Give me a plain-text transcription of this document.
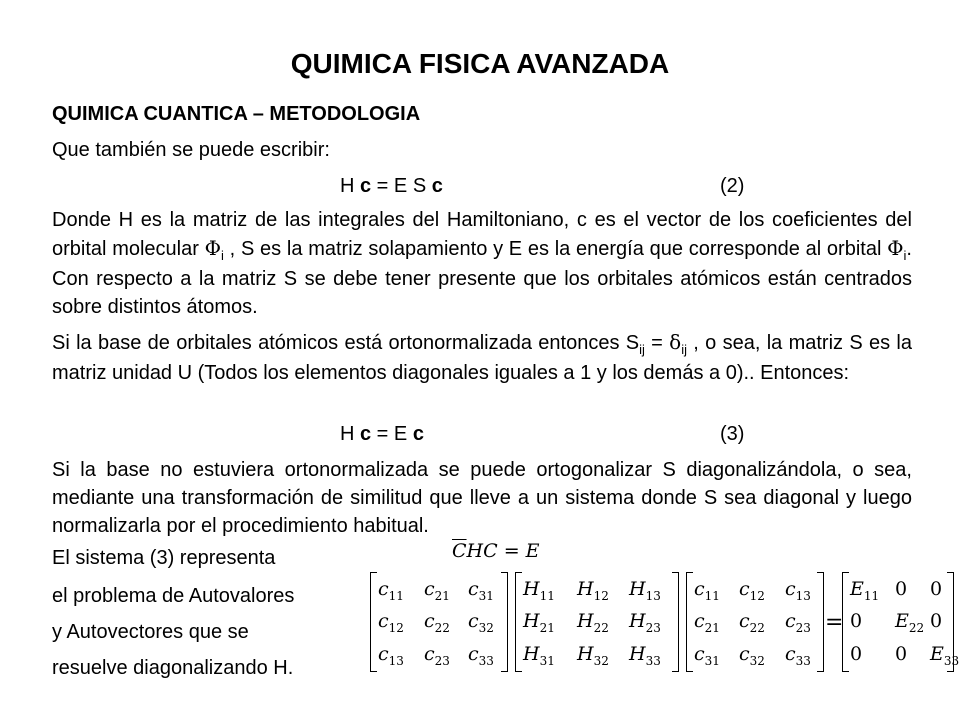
QUIMICA FISICA AVANZADA
QUIMICA CUANTICA – METODOLOGIA
Que también se puede escribir:
H c = E S c	(2)
Donde H es la matriz de las integrales del Hamiltoniano, c es el vector de los coeficientes del orbital molecular $\Phi_i$ , S es la matriz solapamiento y E es la energía que corresponde al orbital $\Phi_i$. Con respecto a la matriz S se debe tener presente que los orbitales atómicos están centrados sobre distintos átomos.
Si la base de orbitales atómicos está ortonormalizada entonces $S_{ij} = \delta_{ij}$ , o sea, la matriz S es la matriz unidad U (Todos los elementos diagonales iguales a 1 y los demás a 0).. Entonces:
H c = E c	(3)
Si la base no estuviera ortonormalizada se puede ortogonalizar S diagonalizándola, o sea, mediante una transformación de similitud que lleve a un sistema donde S sea diagonal y luego normalizarla por el procedimiento habitual.
El sistema (3) representa
el problema de Autovalores
y Autovectores que se
resuelve diagonalizando H.
$\overline{C}HC = E$
=
$c_{11}$ $c_{21}$ $c_{31}$
$c_{12}$ $c_{22}$ $c_{32}$
$c_{13}$ $c_{23}$ $c_{33}$
$H_{11}$ $H_{12}$ $H_{13}$
$H_{21}$ $H_{22}$ $H_{23}$
$H_{31}$ $H_{32}$ $H_{33}$
$c_{11}$ $c_{12}$ $c_{13}$
$c_{21}$ $c_{22}$ $c_{23}$
$c_{31}$ $c_{32}$ $c_{33}$
$E_{11}$ 0 0
0 $E_{22}$ 0
0 0 $E_{33}$
